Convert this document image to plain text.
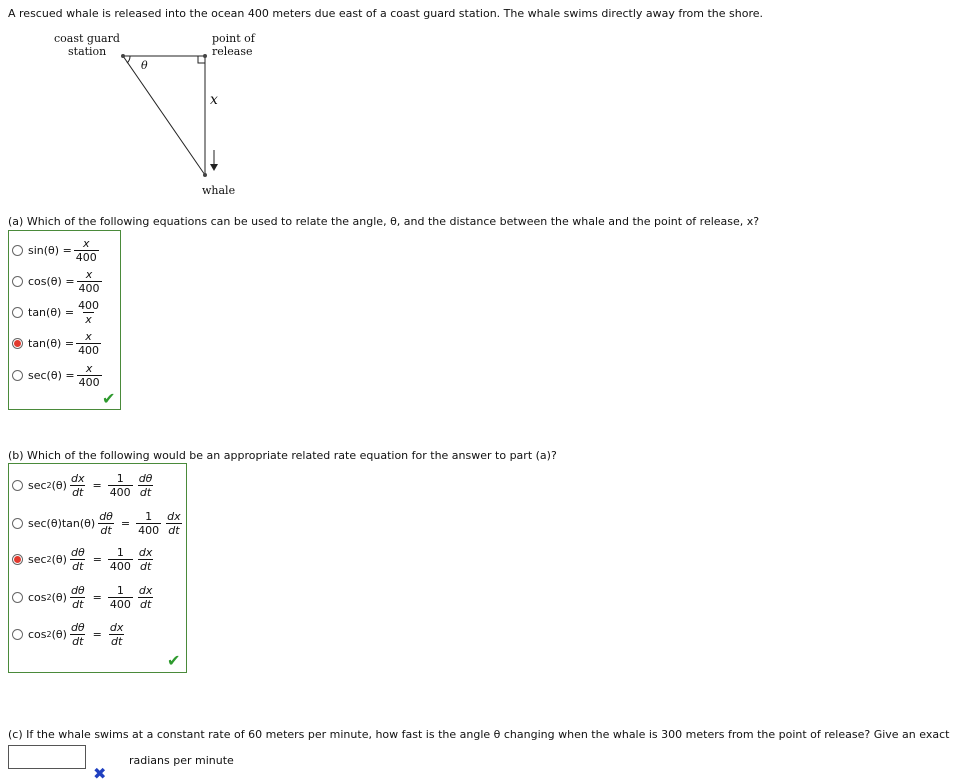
A rescued whale is released into the ocean 400 meters due east of a coast guard station. The whale swims directly away from the shore.
coast guard
station
point of
release
θ
x
whale
(a) Which of the following equations can be used to relate the angle, θ, and the distance between the whale and the point of release, x?
$\sin(\theta) = \frac{x}{400}$
$\cos(\theta) = \frac{x}{400}$
$\tan(\theta) = \frac{400}{x}$
$\tan(\theta) = \frac{x}{400}$
$\sec(\theta) = \frac{x}{400}$
✔
(b) Which of the following would be an appropriate related rate equation for the answer to part (a)?
sec 2 $(\theta) \frac{dx}{dt} = \frac{1}{400} \frac{d\theta}{dt}$
$\sec(\theta)\tan(\theta) \frac{d\theta}{dt} = \frac{1}{400} \frac{dx}{dt}$
sec 2 $(\theta) \frac{d\theta}{dt} = \frac{1}{400} \frac{dx}{dt}$
cos 2 $(\theta) \frac{d\theta}{dt} = \frac{1}{400} \frac{dx}{dt}$
cos 2 $(\theta) \frac{d\theta}{dt} = \frac{dx}{dt}$
✔
(c) If the whale swims at a constant rate of 60 meters per minute, how fast is the angle θ changing when the whale is 300 meters from the point of release? Give an exact
radians per minute
✖
